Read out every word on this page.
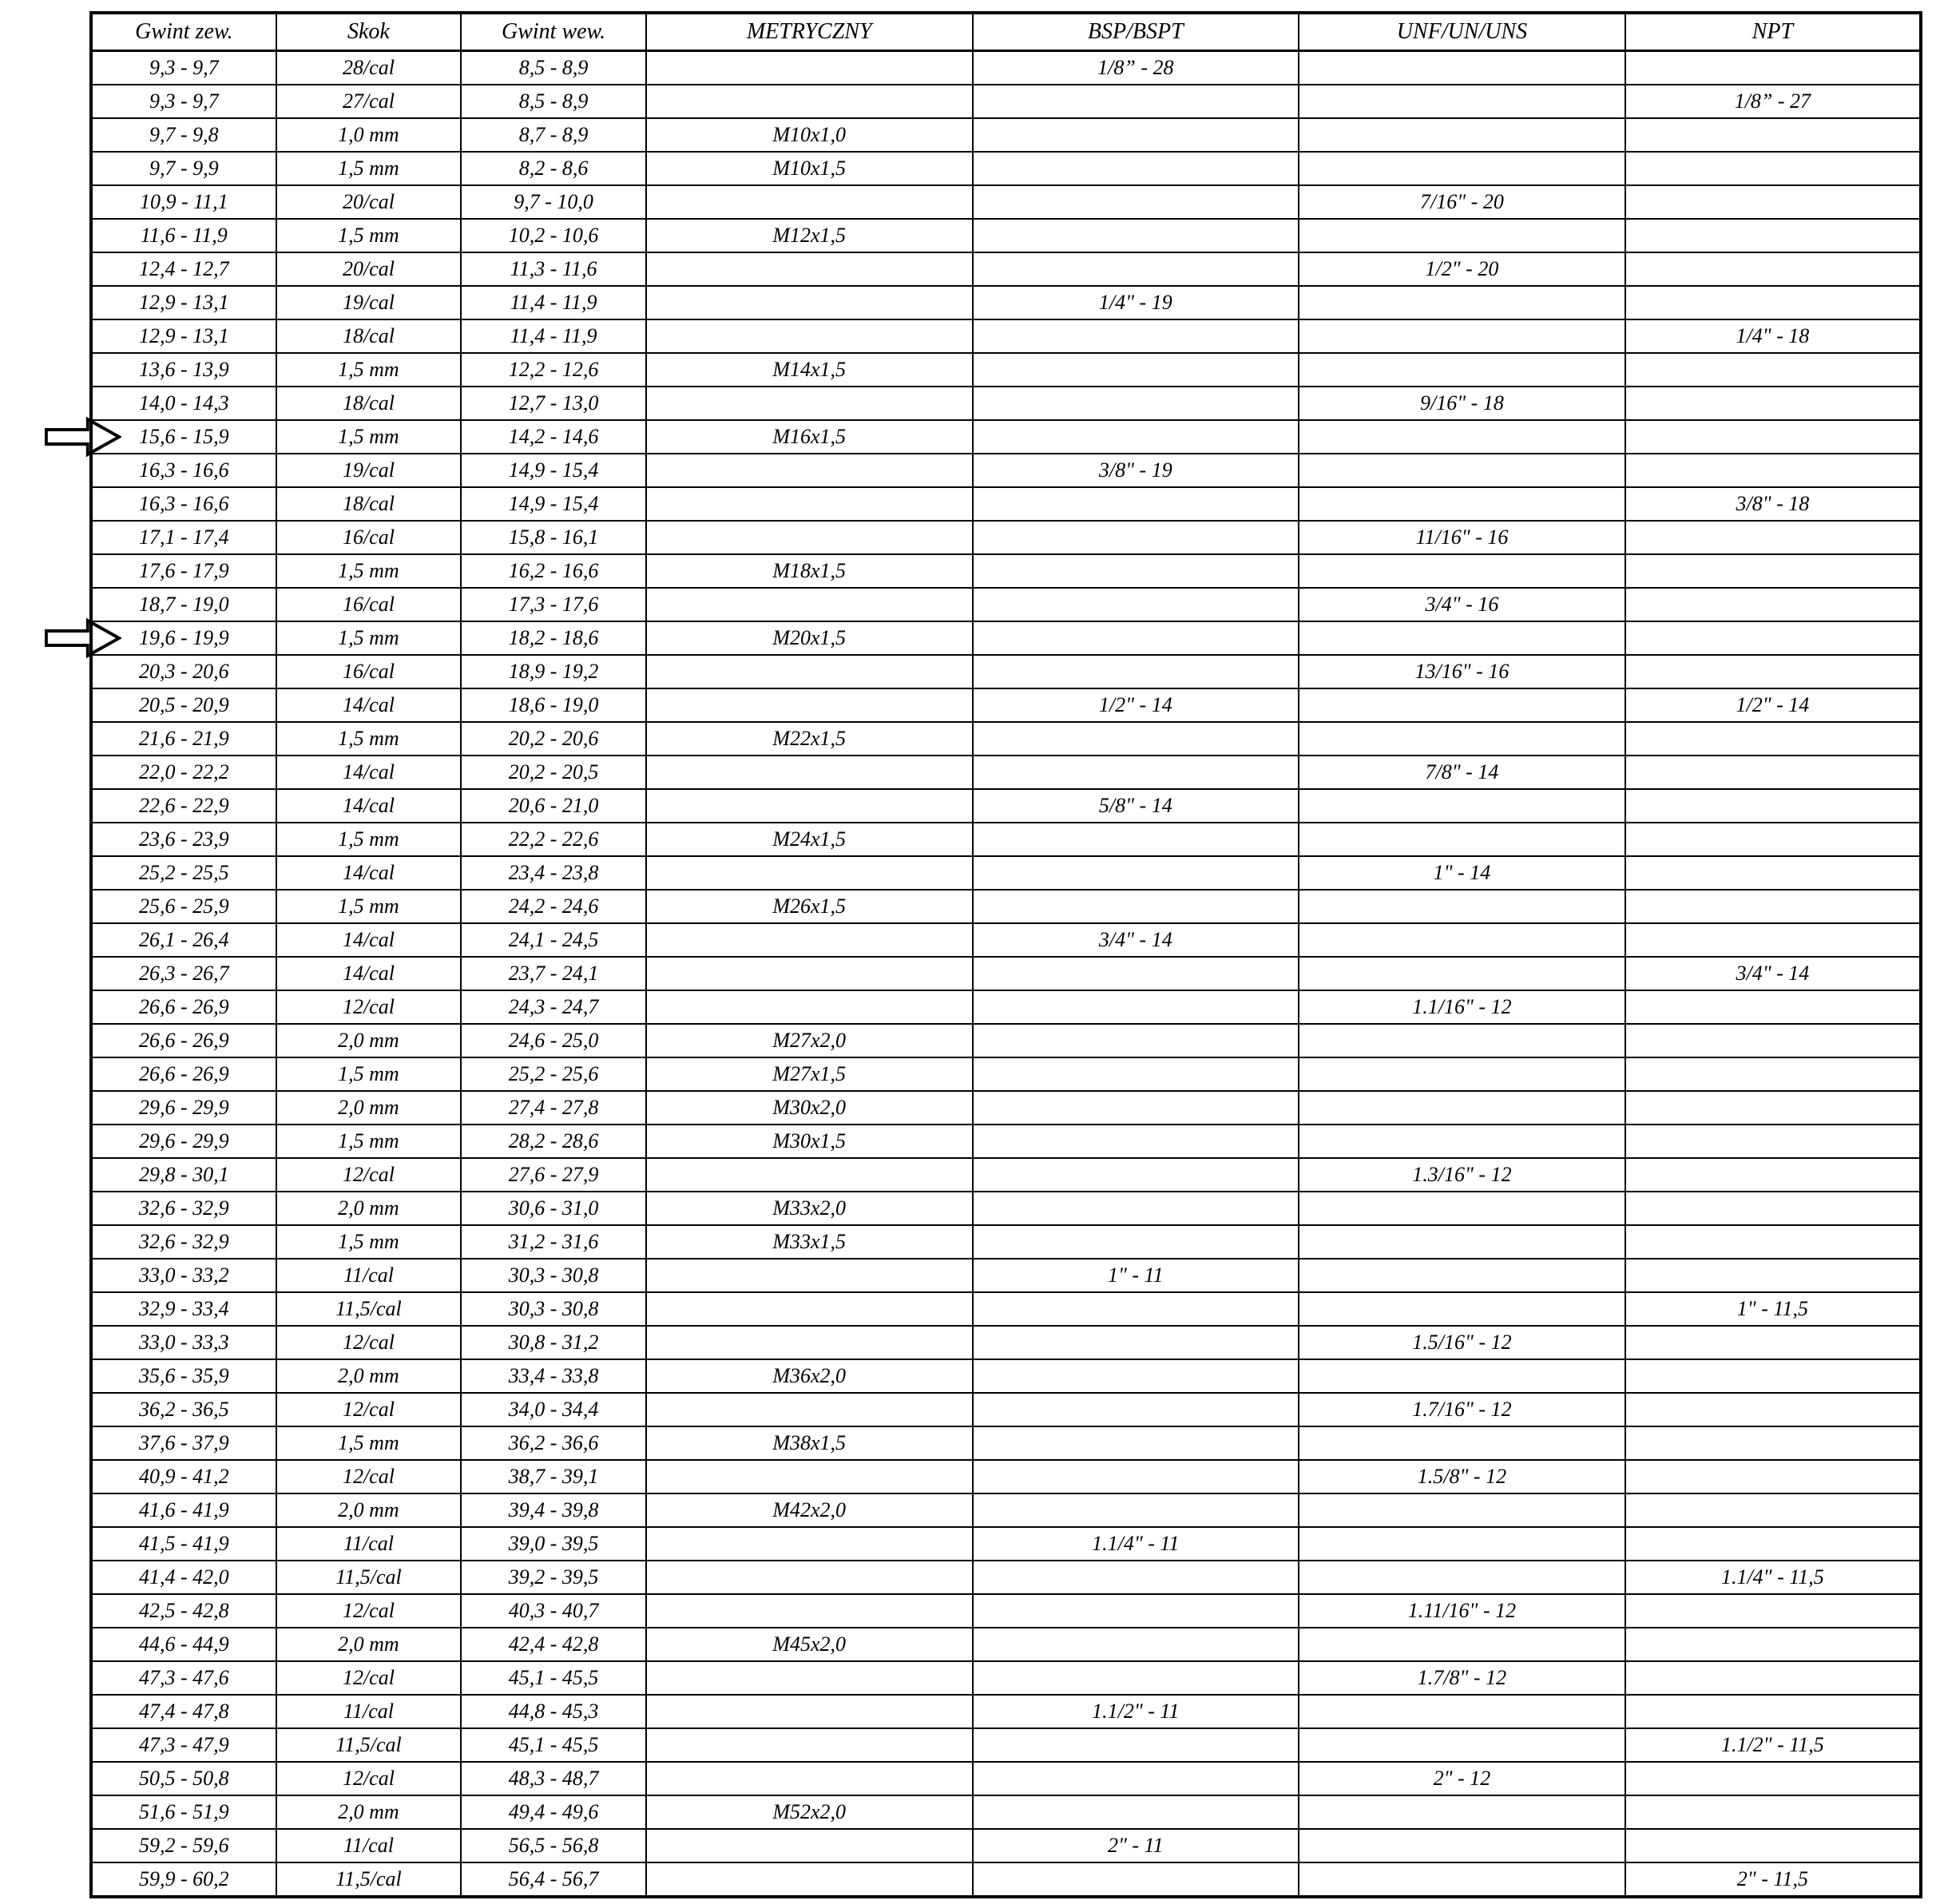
Gwint zew.	Skok	Gwint wew.	METRYCZNY	BSP/BSPT	UNF/UN/UNS	NPT
9,3 - 9,7	28/cal	8,5 - 8,9		1/8” - 28		
9,3 - 9,7	27/cal	8,5 - 8,9				1/8” - 27
9,7 - 9,8	1,0 mm	8,7 - 8,9	M10x1,0			
9,7 - 9,9	1,5 mm	8,2 - 8,6	M10x1,5			
10,9 - 11,1	20/cal	9,7 - 10,0			7/16" - 20	
11,6 - 11,9	1,5 mm	10,2 - 10,6	M12x1,5			
12,4 - 12,7	20/cal	11,3 - 11,6			1/2" - 20	
12,9 - 13,1	19/cal	11,4 - 11,9		1/4" - 19		
12,9 - 13,1	18/cal	11,4 - 11,9				1/4" - 18
13,6 - 13,9	1,5 mm	12,2 - 12,6	M14x1,5			
14,0 - 14,3	18/cal	12,7 - 13,0			9/16" - 18	
15,6 - 15,9	1,5 mm	14,2 - 14,6	M16x1,5			
16,3 - 16,6	19/cal	14,9 - 15,4		3/8" - 19		
16,3 - 16,6	18/cal	14,9 - 15,4				3/8" - 18
17,1 - 17,4	16/cal	15,8 - 16,1			11/16" - 16	
17,6 - 17,9	1,5 mm	16,2 - 16,6	M18x1,5			
18,7 - 19,0	16/cal	17,3 - 17,6			3/4" - 16	
19,6 - 19,9	1,5 mm	18,2 - 18,6	M20x1,5			
20,3 - 20,6	16/cal	18,9 - 19,2			13/16" - 16	
20,5 - 20,9	14/cal	18,6 - 19,0		1/2" - 14		1/2" - 14
21,6 - 21,9	1,5 mm	20,2 - 20,6	M22x1,5			
22,0 - 22,2	14/cal	20,2 - 20,5			7/8" - 14	
22,6 - 22,9	14/cal	20,6 - 21,0		5/8" - 14		
23,6 - 23,9	1,5 mm	22,2 - 22,6	M24x1,5			
25,2 - 25,5	14/cal	23,4 - 23,8			1" - 14	
25,6 - 25,9	1,5 mm	24,2 - 24,6	M26x1,5			
26,1 - 26,4	14/cal	24,1 - 24,5		3/4" - 14		
26,3 - 26,7	14/cal	23,7 - 24,1				3/4" - 14
26,6 - 26,9	12/cal	24,3 - 24,7			1.1/16" - 12	
26,6 - 26,9	2,0 mm	24,6 - 25,0	M27x2,0			
26,6 - 26,9	1,5 mm	25,2 - 25,6	M27x1,5			
29,6 - 29,9	2,0 mm	27,4 - 27,8	M30x2,0			
29,6 - 29,9	1,5 mm	28,2 - 28,6	M30x1,5			
29,8 - 30,1	12/cal	27,6 - 27,9			1.3/16" - 12	
32,6 - 32,9	2,0 mm	30,6 - 31,0	M33x2,0			
32,6 - 32,9	1,5 mm	31,2 - 31,6	M33x1,5			
33,0 - 33,2	11/cal	30,3 - 30,8		1" - 11		
32,9 - 33,4	11,5/cal	30,3 - 30,8				1" - 11,5
33,0 - 33,3	12/cal	30,8 - 31,2			1.5/16" - 12	
35,6 - 35,9	2,0 mm	33,4 - 33,8	M36x2,0			
36,2 - 36,5	12/cal	34,0 - 34,4			1.7/16" - 12	
37,6 - 37,9	1,5 mm	36,2 - 36,6	M38x1,5			
40,9 - 41,2	12/cal	38,7 - 39,1			1.5/8" - 12	
41,6 - 41,9	2,0 mm	39,4 - 39,8	M42x2,0			
41,5 - 41,9	11/cal	39,0 - 39,5		1.1/4" - 11		
41,4 - 42,0	11,5/cal	39,2 - 39,5				1.1/4" - 11,5
42,5 - 42,8	12/cal	40,3 - 40,7			1.11/16" - 12	
44,6 - 44,9	2,0 mm	42,4 - 42,8	M45x2,0			
47,3 - 47,6	12/cal	45,1 - 45,5			1.7/8" - 12	
47,4 - 47,8	11/cal	44,8 - 45,3		1.1/2" - 11		
47,3 - 47,9	11,5/cal	45,1 - 45,5				1.1/2" - 11,5
50,5 - 50,8	12/cal	48,3 - 48,7			2" - 12	
51,6 - 51,9	2,0 mm	49,4 - 49,6	M52x2,0			
59,2 - 59,6	11/cal	56,5 - 56,8		2" - 11		
59,9 - 60,2	11,5/cal	56,4 - 56,7				2" - 11,5
